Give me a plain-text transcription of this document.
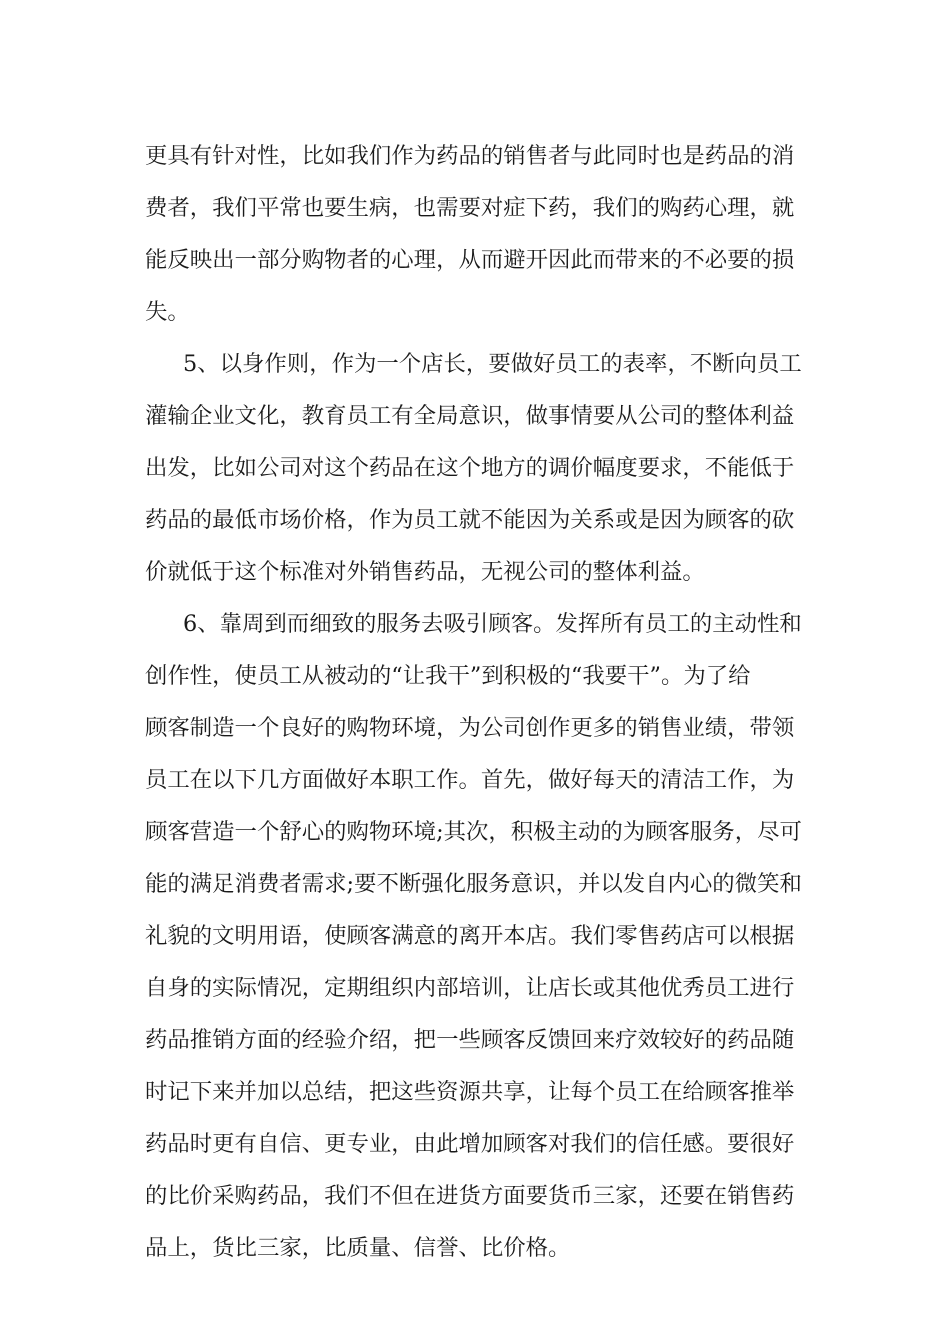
更具有针对性，比如我们作为药品的销售者与此同时也是药品的消
费者，我们平常也要生病，也需要对症下药，我们的购药心理，就
能反映出一部分购物者的心理，从而避开因此而带来的不必要的损
失。
5、以身作则，作为一个店长，要做好员工的表率，不断向员工
灌输企业文化，教育员工有全局意识，做事情要从公司的整体利益
出发，比如公司对这个药品在这个地方的调价幅度要求，不能低于
药品的最低市场价格，作为员工就不能因为关系或是因为顾客的砍
价就低于这个标准对外销售药品，无视公司的整体利益。
6、靠周到而细致的服务去吸引顾客。发挥所有员工的主动性和
创作性，使员工从被动的“让我干”到积极的“我要干”。为了给
顾客制造一个良好的购物环境，为公司创作更多的销售业绩，带领
员工在以下几方面做好本职工作。首先，做好每天的清洁工作，为
顾客营造一个舒心的购物环境;其次，积极主动的为顾客服务，尽可
能的满足消费者需求;要不断强化服务意识，并以发自内心的微笑和
礼貌的文明用语，使顾客满意的离开本店。我们零售药店可以根据
自身的实际情况，定期组织内部培训，让店长或其他优秀员工进行
药品推销方面的经验介绍，把一些顾客反馈回来疗效较好的药品随
时记下来并加以总结，把这些资源共享，让每个员工在给顾客推举
药品时更有自信、更专业，由此增加顾客对我们的信任感。要很好
的比价采购药品，我们不但在进货方面要货币三家，还要在销售药
品上，货比三家，比质量、信誉、比价格。
